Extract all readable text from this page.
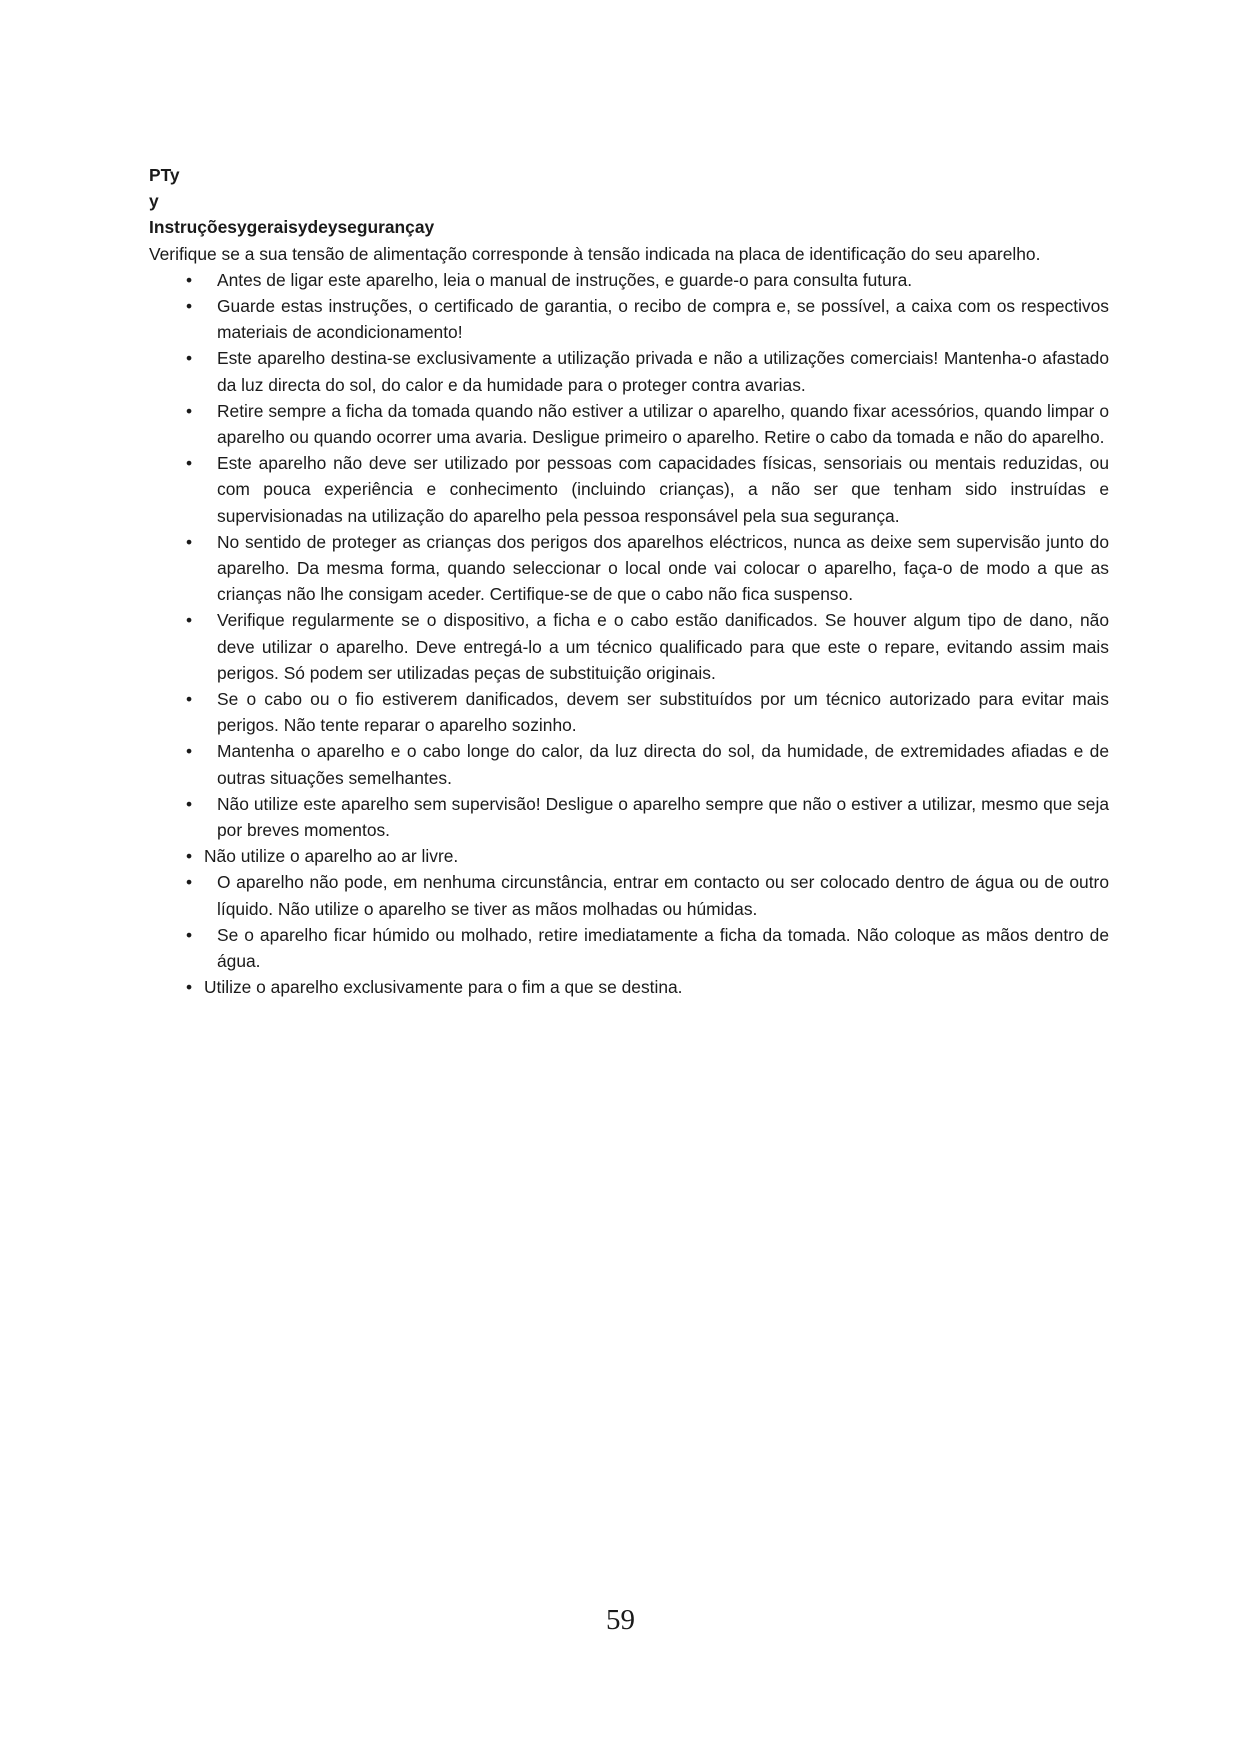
PTy

y

Instruçõesygeraisydeysegurançay

Verifique se a sua tensão de alimentação corresponde à tensão indicada na placa de identificação do seu aparelho.

• Antes de ligar este aparelho, leia o manual de instruções, e guarde-o para consulta futura.
• Guarde estas instruções, o certificado de garantia, o recibo de compra e, se possível, a caixa com os respectivos materiais de acondicionamento!
• Este aparelho destina-se exclusivamente a utilização privada e não a utilizações comerciais! Mantenha-o afastado da luz directa do sol, do calor e da humidade para o proteger contra avarias.
• Retire sempre a ficha da tomada quando não estiver a utilizar o aparelho, quando fixar acessórios, quando limpar o aparelho ou quando ocorrer uma avaria. Desligue primeiro o aparelho. Retire o cabo da tomada e não do aparelho.
• Este aparelho não deve ser utilizado por pessoas com capacidades físicas, sensoriais ou mentais reduzidas, ou com pouca experiência e conhecimento (incluindo crianças), a não ser que tenham sido instruídas e supervisionadas na utilização do aparelho pela pessoa responsável pela sua segurança.
• No sentido de proteger as crianças dos perigos dos aparelhos eléctricos, nunca as deixe sem supervisão junto do aparelho. Da mesma forma, quando seleccionar o local onde vai colocar o aparelho, faça-o de modo a que as crianças não lhe consigam aceder. Certifique-se de que o cabo não fica suspenso.
• Verifique regularmente se o dispositivo, a ficha e o cabo estão danificados. Se houver algum tipo de dano, não deve utilizar o aparelho. Deve entregá-lo a um técnico qualificado para que este o repare, evitando assim mais perigos. Só podem ser utilizadas peças de substituição originais.
• Se o cabo ou o fio estiverem danificados, devem ser substituídos por um técnico autorizado para evitar mais perigos. Não tente reparar o aparelho sozinho.
• Mantenha o aparelho e o cabo longe do calor, da luz directa do sol, da humidade, de extremidades afiadas e de outras situações semelhantes.
• Não utilize este aparelho sem supervisão! Desligue o aparelho sempre que não o estiver a utilizar, mesmo que seja por breves momentos.
• Não utilize o aparelho ao ar livre.
• O aparelho não pode, em nenhuma circunstância, entrar em contacto ou ser colocado dentro de água ou de outro líquido. Não utilize o aparelho se tiver as mãos molhadas ou húmidas.
• Se o aparelho ficar húmido ou molhado, retire imediatamente a ficha da tomada. Não coloque as mãos dentro de água.
• Utilize o aparelho exclusivamente para o fim a que se destina.
59
